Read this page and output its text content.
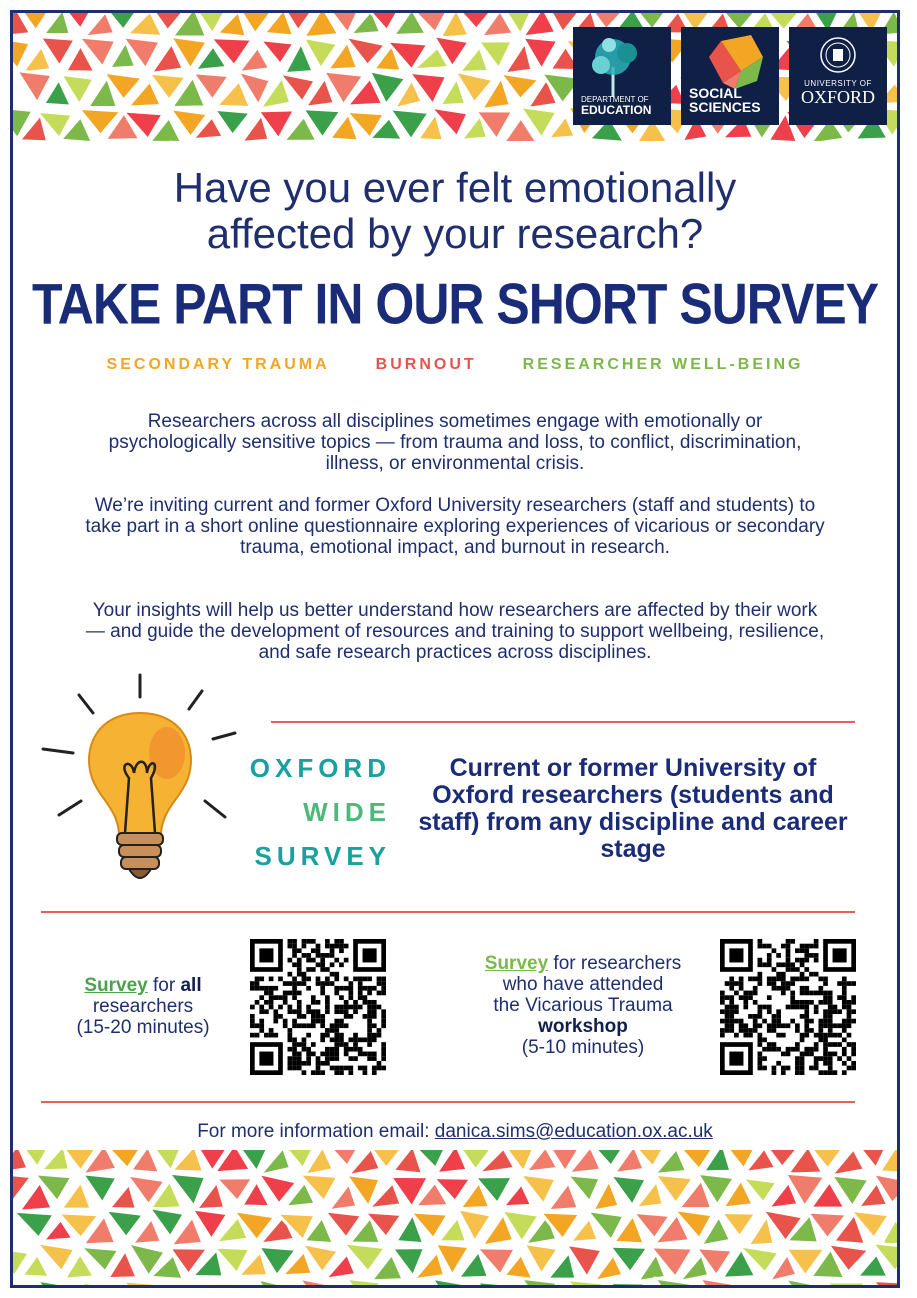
DEPARTMENT OF
EDUCATION
SOCIAL
SCIENCES
UNIVERSITY OF
OXFORD
Have you ever felt emotionally
affected by your research?
TAKE PART IN OUR SHORT SURVEY
SECONDARY TRAUMA	BURNOUT	RESEARCHER WELL-BEING

Researchers across all disciplines sometimes engage with emotionally or psychologically sensitive topics — from trauma and loss, to conflict, discrimination, illness, or environmental crisis.

We’re inviting current and former Oxford University researchers (staff and students) to take part in a short online questionnaire exploring experiences of vicarious or secondary trauma, emotional impact, and burnout in research.

Your insights will help us better understand how researchers are affected by their work — and guide the development of resources and training to support wellbeing, resilience, and safe research practices across disciplines.

OXFORD
WIDE
SURVEY

Current or former University of Oxford researchers (students and staff) from any discipline and career stage

Survey for all
researchers
(15-20 minutes)
Survey for researchers
who have attended
the Vicarious Trauma
workshop
(5-10 minutes)
For more information email: danica.sims@education.ox.ac.uk
